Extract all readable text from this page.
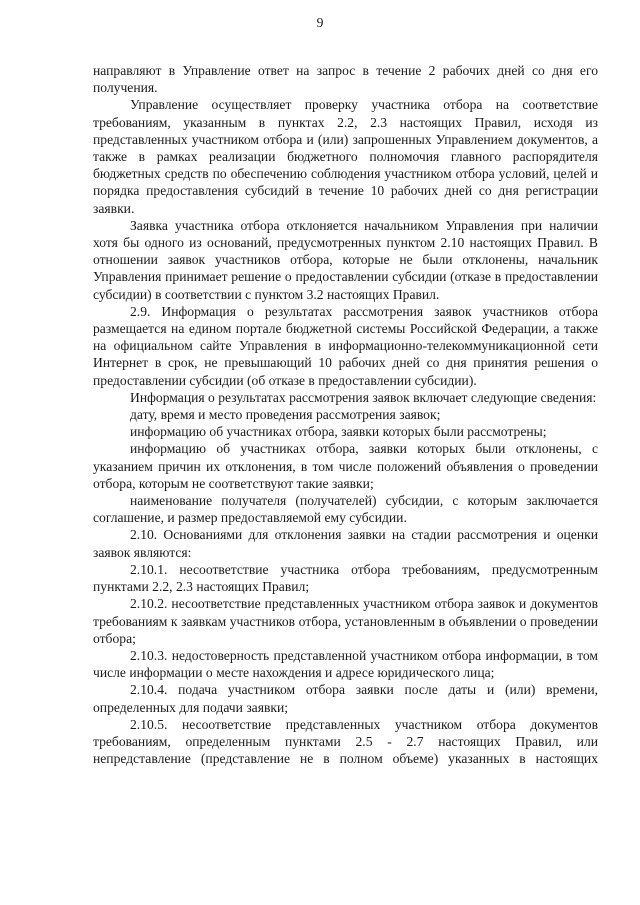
9

направляют в Управление ответ на запрос в течение 2 рабочих дней со дня его получения.

Управление осуществляет проверку участника отбора на соответствие требованиям, указанным в пунктах 2.2, 2.3 настоящих Правил, исходя из представленных участником отбора и (или) запрошенных Управлением документов, а также в рамках реализации бюджетного полномочия главного распорядителя бюджетных средств по обеспечению соблюдения участником отбора условий, целей и порядка предоставления субсидий в течение 10 рабочих дней со дня регистрации заявки.

Заявка участника отбора отклоняется начальником Управления при наличии хотя бы одного из оснований, предусмотренных пунктом 2.10 настоящих Правил. В отношении заявок участников отбора, которые не были отклонены, начальник Управления принимает решение о предоставлении субсидии (отказе в предоставлении субсидии) в соответствии с пунктом 3.2 настоящих Правил.

2.9. Информация о результатах рассмотрения заявок участников отбора размещается на едином портале бюджетной системы Российской Федерации, а также на официальном сайте Управления в информационно-телекоммуникационной сети Интернет в срок, не превышающий 10 рабочих дней со дня принятия решения о предоставлении субсидии (об отказе в предоставлении субсидии).

Информация о результатах рассмотрения заявок включает следующие сведения:

дату, время и место проведения рассмотрения заявок;

информацию об участниках отбора, заявки которых были рассмотрены;

информацию об участниках отбора, заявки которых были отклонены, с указанием причин их отклонения, в том числе положений объявления о проведении отбора, которым не соответствуют такие заявки;

наименование получателя (получателей) субсидии, с которым заключается соглашение, и размер предоставляемой ему субсидии.

2.10. Основаниями для отклонения заявки на стадии рассмотрения и оценки заявок являются:

2.10.1. несоответствие участника отбора требованиям, предусмотренным пунктами 2.2, 2.3 настоящих Правил;

2.10.2. несоответствие представленных участником отбора заявок и документов требованиям к заявкам участников отбора, установленным в объявлении о проведении отбора;

2.10.3. недостоверность представленной участником отбора информации, в том числе информации о месте нахождения и адресе юридического лица;

2.10.4. подача участником отбора заявки после даты и (или) времени, определенных для подачи заявки;

2.10.5. несоответствие представленных участником отбора документов требованиям, определенным пунктами 2.5 - 2.7 настоящих Правил, или непредставление (представление не в полном объеме) указанных в настоящих
